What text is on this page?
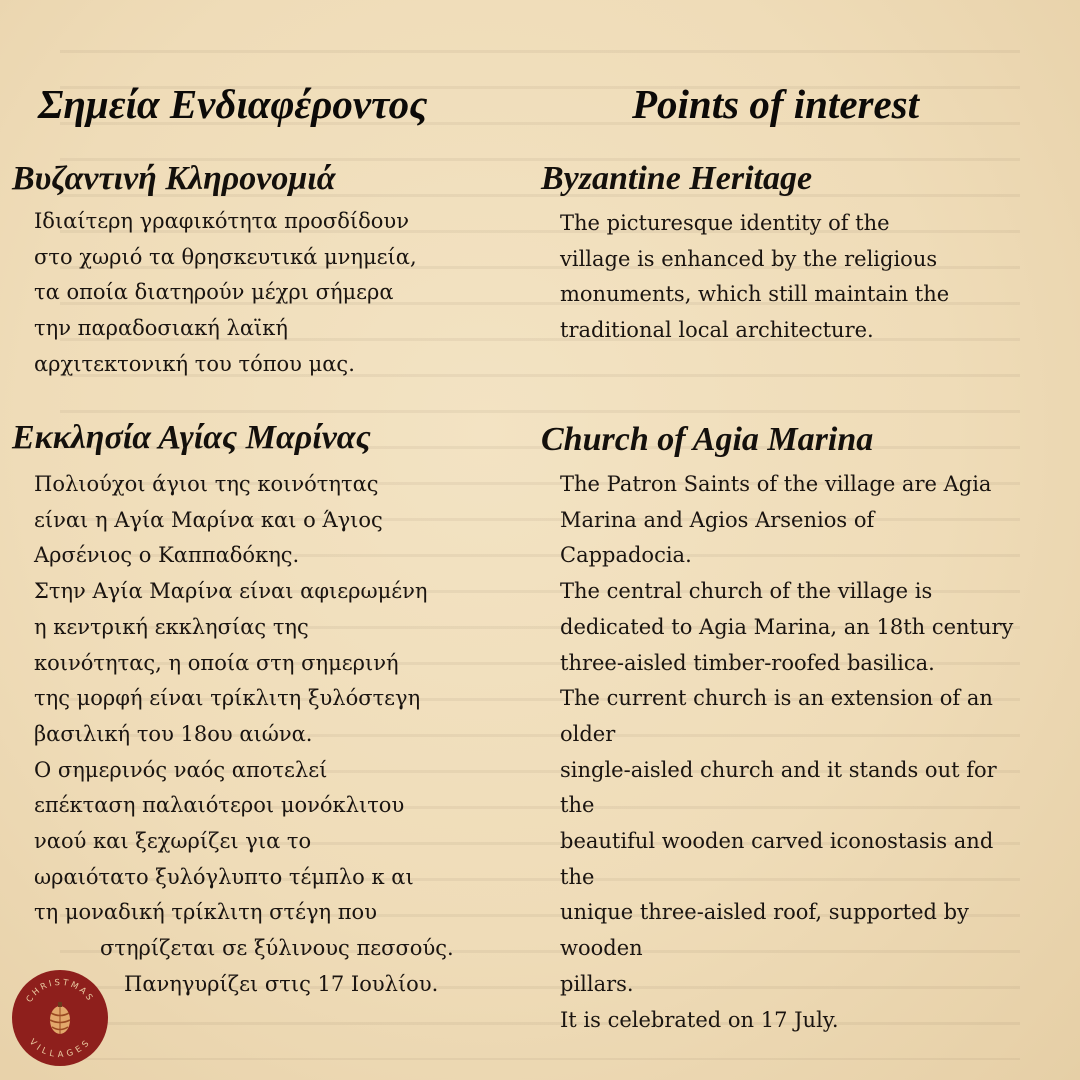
Σημεία Ενδιαφέροντος
Βυζαντινή Κληρονομιά
Ιδιαίτερη γραφικότητα προσδίδουν
στο χωριό τα θρησκευτικά μνημεία,
τα οποία διατηρούν μέχρι σήμερα
την παραδοσιακή λαϊκή
αρχιτεκτονική του τόπου μας.
Εκκλησία Αγίας Μαρίνας
Πολιούχοι άγιοι της κοινότητας
είναι η Αγία Μαρίνα και ο Άγιος
Αρσένιος ο Καππαδόκης.
Στην Αγία Μαρίνα είναι αφιερωμένη
η κεντρική εκκλησίας της
κοινότητας, η οποία στη σημερινή
της μορφή είναι τρίκλιτη ξυλόστεγη
βασιλική του 18ου αιώνα.
Ο σημερινός ναός αποτελεί
επέκταση παλαιότεροι μονόκλιτου
ναού και ξεχωρίζει για το
ωραιότατο ξυλόγλυπτο τέμπλο κ αι
τη μοναδική τρίκλιτη στέγη που
στηρίζεται σε ξύλινους πεσσούς.
Πανηγυρίζει στις 17 Ιουλίου.
Points of interest
Byzantine Heritage
The picturesque identity of the
village is enhanced by the religious
monuments, which still maintain the
traditional local architecture.
Church of Agia Marina
The Patron Saints of the village are Agia
Marina and Agios Arsenios of
Cappadocia.
The central church of the village is
dedicated to Agia Marina, an 18th century
three-aisled timber-roofed basilica.
The current church is an extension of an
older
single-aisled church and it stands out for
the
beautiful wooden carved iconostasis and
the
unique three-aisled roof, supported by
wooden
pillars.
It is celebrated on 17 July.
CHRISTMAS
VILLAGES
